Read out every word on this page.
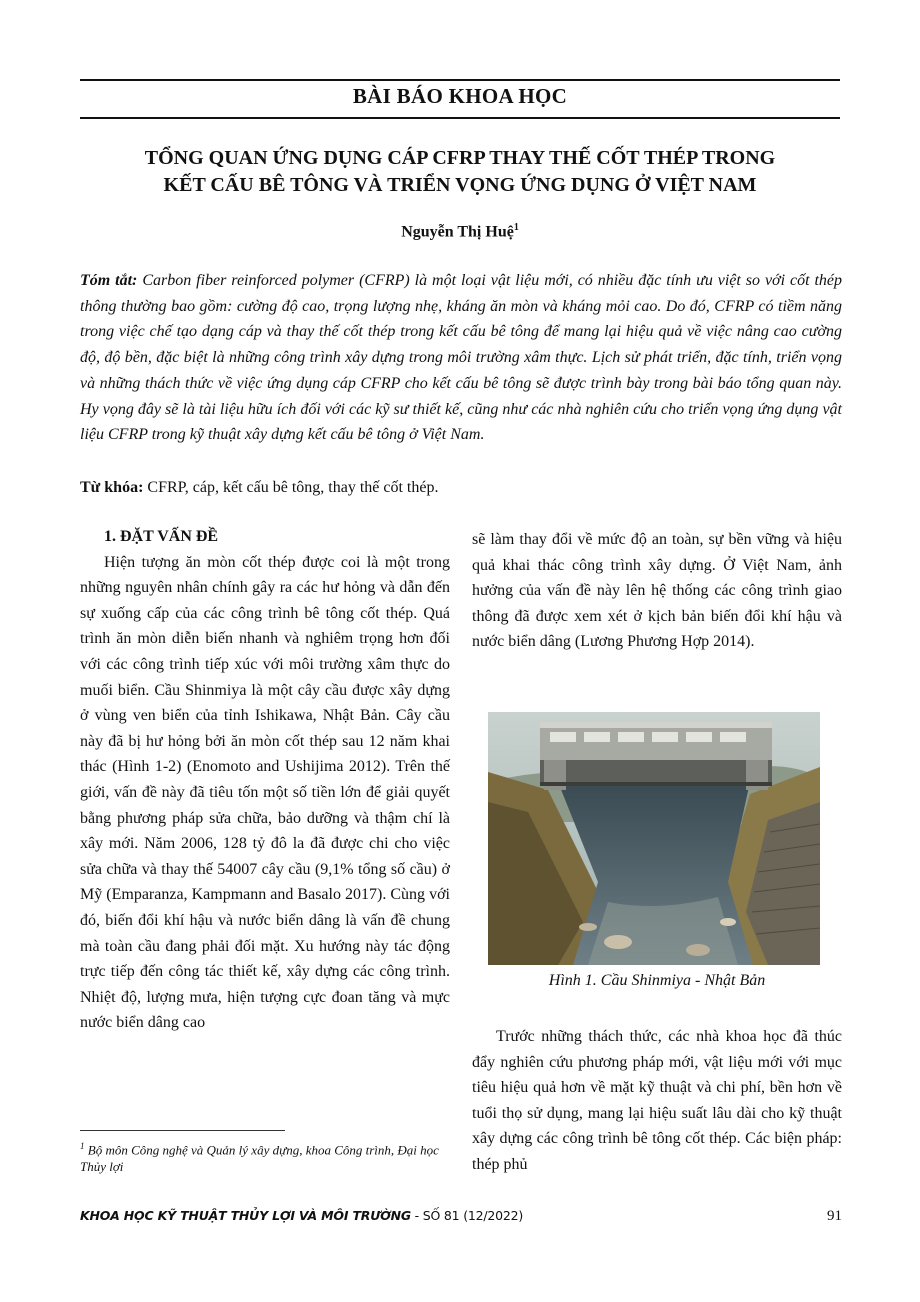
BÀI BÁO KHOA HỌC
TỔNG QUAN ỨNG DỤNG CÁP CFRP THAY THẾ CỐT THÉP TRONG
KẾT CẤU BÊ TÔNG VÀ TRIỂN VỌNG ỨNG DỤNG Ở VIỆT NAM
Nguyễn Thị Huệ$^1$
Tóm tắt: Carbon fiber reinforced polymer (CFRP) là một loại vật liệu mới, có nhiều đặc tính ưu việt so với cốt thép thông thường bao gồm: cường độ cao, trọng lượng nhẹ, kháng ăn mòn và kháng mỏi cao. Do đó, CFRP có tiềm năng trong việc chế tạo dạng cáp và thay thế cốt thép trong kết cấu bê tông để mang lại hiệu quả về việc nâng cao cường độ, độ bền, đặc biệt là những công trình xây dựng trong môi trường xâm thực. Lịch sử phát triển, đặc tính, triển vọng và những thách thức về việc ứng dụng cáp CFRP cho kết cấu bê tông sẽ được trình bày trong bài báo tổng quan này. Hy vọng đây sẽ là tài liệu hữu ích đối với các kỹ sư thiết kế, cũng như các nhà nghiên cứu cho triển vọng ứng dụng vật liệu CFRP trong kỹ thuật xây dựng kết cấu bê tông ở Việt Nam.
Từ khóa: CFRP, cáp, kết cấu bê tông, thay thế cốt thép.
1. ĐẶT VẤN ĐỀ

Hiện tượng ăn mòn cốt thép được coi là một trong những nguyên nhân chính gây ra các hư hỏng và dẫn đến sự xuống cấp của các công trình bê tông cốt thép. Quá trình ăn mòn diễn biến nhanh và nghiêm trọng hơn đối với các công trình tiếp xúc với môi trường xâm thực do muối biển. Cầu Shinmiya là một cây cầu được xây dựng ở vùng ven biển của tỉnh Ishikawa, Nhật Bản. Cây cầu này đã bị hư hỏng bởi ăn mòn cốt thép sau 12 năm khai thác (Hình 1-2) (Enomoto and Ushijima 2012). Trên thế giới, vấn đề này đã tiêu tốn một số tiền lớn để giải quyết bằng phương pháp sửa chữa, bảo dưỡng và thậm chí là xây mới. Năm 2006, 128 tỷ đô la đã được chi cho việc sửa chữa và thay thế 54007 cây cầu (9,1% tổng số cầu) ở Mỹ (Emparanza, Kampmann and Basalo 2017). Cùng với đó, biến đổi khí hậu và nước biển dâng là vấn đề chung mà toàn cầu đang phải đối mặt. Xu hướng này tác động trực tiếp đến công tác thiết kế, xây dựng các công trình. Nhiệt độ, lượng mưa, hiện tượng cực đoan tăng và mực nước biển dâng cao

sẽ làm thay đổi về mức độ an toàn, sự bền vững và hiệu quả khai thác công trình xây dựng. Ở Việt Nam, ảnh hưởng của vấn đề này lên hệ thống các công trình giao thông đã được xem xét ở kịch bản biến đổi khí hậu và nước biển dâng (Lương Phương Hợp 2014).

Hình 1. Cầu Shinmiya - Nhật Bản

Trước những thách thức, các nhà khoa học đã thúc đẩy nghiên cứu phương pháp mới, vật liệu mới với mục tiêu hiệu quả hơn về mặt kỹ thuật và chi phí, bền hơn về tuổi thọ sử dụng, mang lại hiệu suất lâu dài cho kỹ thuật xây dựng các công trình bê tông cốt thép. Các biện pháp: thép phủ

$^1$ Bộ môn Công nghệ và Quản lý xây dựng, khoa Công trình, Đại học Thủy lợi
KHOA HỌC KỸ THUẬT THỦY LỢI VÀ MÔI TRƯỜNG - SỐ 81 (12/2022)	91
